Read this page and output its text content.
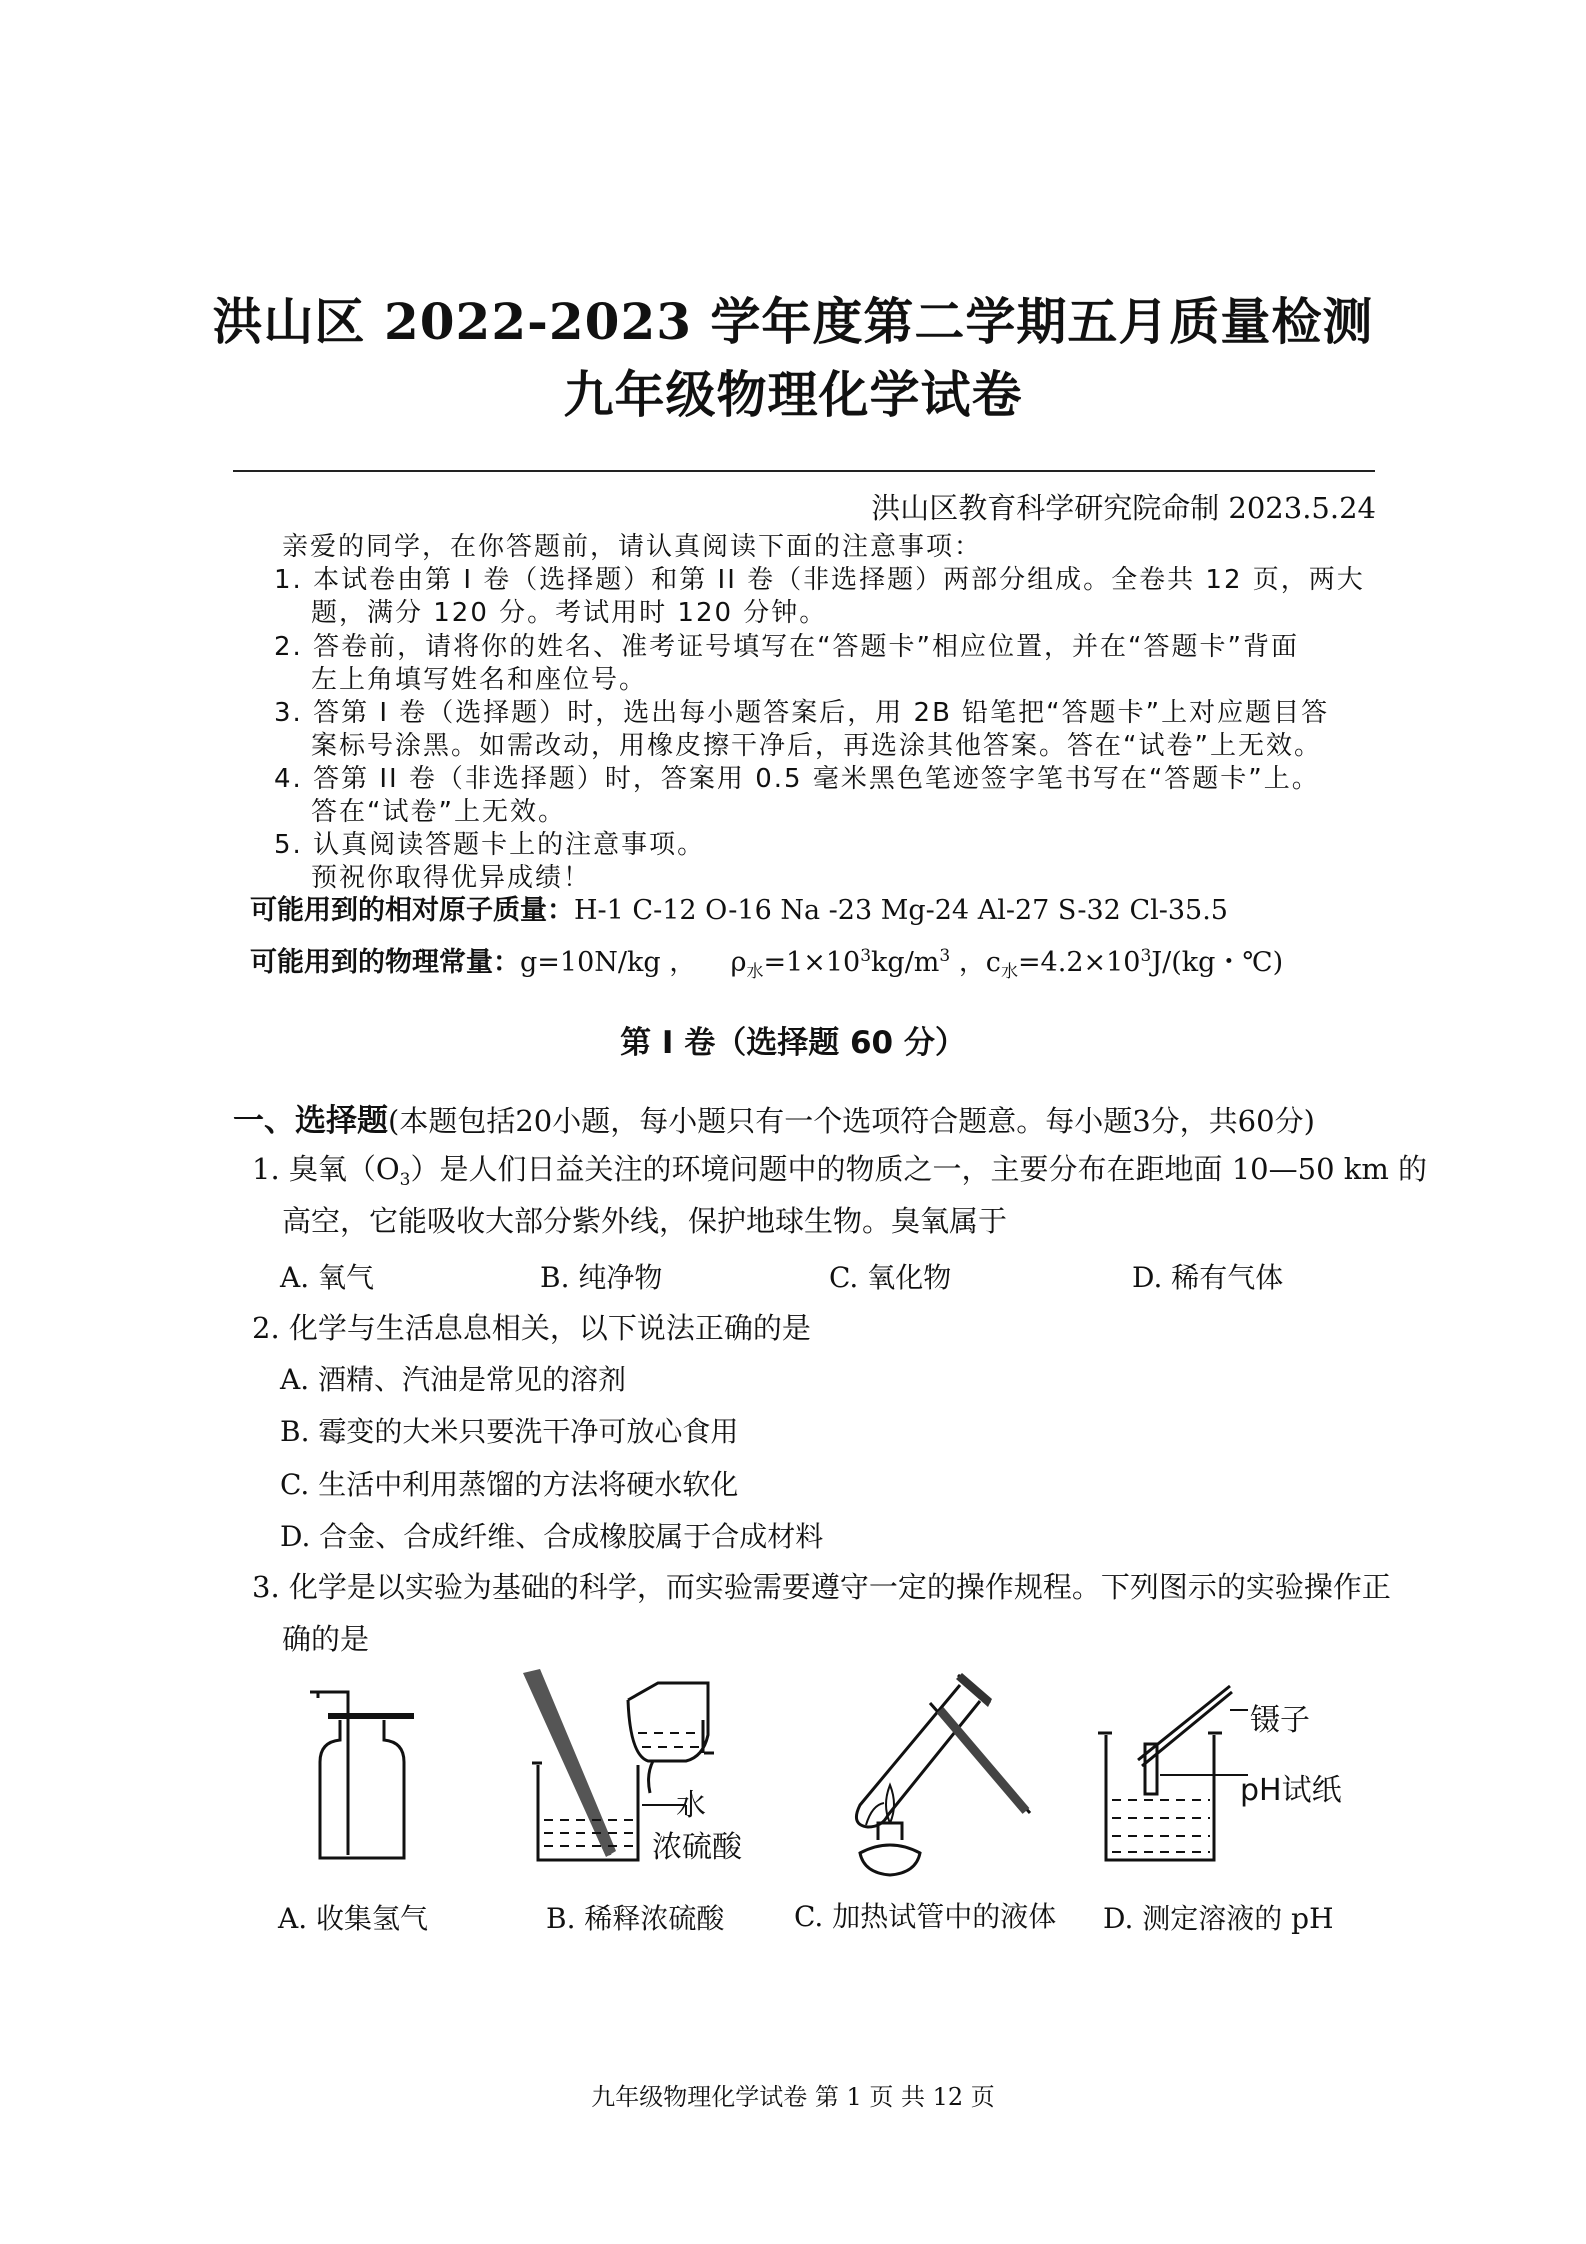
洪山区 2022-2023 学年度第二学期五月质量检测
九年级物理化学试卷
洪山区教育科学研究院命制 2023.5.24
亲爱的同学，在你答题前，请认真阅读下面的注意事项：
1. 本试卷由第 I 卷（选择题）和第 II 卷（非选择题）两部分组成。全卷共 12 页，两大
题，满分 120 分。考试用时 120 分钟。
2. 答卷前，请将你的姓名、准考证号填写在“答题卡”相应位置，并在“答题卡”背面
左上角填写姓名和座位号。
3. 答第 I 卷（选择题）时，选出每小题答案后，用 2B 铅笔把“答题卡”上对应题目答
案标号涂黑。如需改动，用橡皮擦干净后，再选涂其他答案。答在“试卷”上无效。
4. 答第 II 卷（非选择题）时，答案用 0.5 毫米黑色笔迹签字笔书写在“答题卡”上。
答在“试卷”上无效。
5. 认真阅读答题卡上的注意事项。
预祝你取得优异成绩！
可能用到的相对原子质量：H-1 C-12 O-16 Na -23 Mg-24 Al-27 S-32 Cl-35.5
可能用到的物理常量：g=10N/kg ， $\rho_水=1\times 10^3kg/m^3$ ，$c_水=4.2\times 10^3J/(kg$・℃)
第 I 卷（选择题 60 分）
一、选择题(本题包括20小题，每小题只有一个选项符合题意。每小题3分，共60分)
1. 臭氧$(O_3)$是人们日益关注的环境问题中的物质之一，主要分布在距地面 10—50 km 的
高空，它能吸收大部分紫外线，保护地球生物。臭氧属于
A. 氧气	B. 纯净物	C. 氧化物	D. 稀有气体
2. 化学与生活息息相关，以下说法正确的是
A. 酒精、汽油是常见的溶剂
B. 霉变的大米只要洗干净可放心食用
C. 生活中利用蒸馏的方法将硬水软化
D. 合金、合成纤维、合成橡胶属于合成材料
3. 化学是以实验为基础的科学，而实验需要遵守一定的操作规程。下列图示的实验操作正
确的是
水
浓硫酸
镊子
pH试纸
A. 收集氢气	B. 稀释浓硫酸 C. 加热试管中的液体 D. 测定溶液的 pH
九年级物理化学试卷 第 1 页 共 12 页
